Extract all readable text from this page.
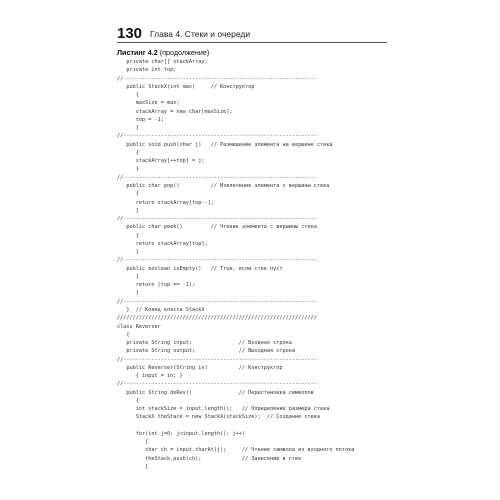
130 Глава 4. Стеки и очереди
Листинг 4.2 (продолжение)
private char[] stackArray;
private int top;
//--------------------------------------------------------------
public StackX(int max)     // Конструктор
{
maxSize = max;
stackArray = new char[maxSize];
top = -1;
}
//--------------------------------------------------------------
public void push(char j)   // Размещение элемента на вершине стека
{
stackArray[++top] = j;
}
//--------------------------------------------------------------
public char pop()          // Извлечение элемента с вершины стека
{
return stackArray[top--];
}
//--------------------------------------------------------------
public char peek()         // Чтение элемента с вершины стека
{
return stackArray[top];
}
//--------------------------------------------------------------
public boolean isEmpty()   // True, если стек пуст
{
return (top == -1);
}
//--------------------------------------------------------------
}  // Конец класса StackX
////////////////////////////////////////////////////////////////
class Reverser
{
private String input;               // Входная строка
private String output;              // Выходная строка
//--------------------------------------------------------------
public Reverser(String in)          // Конструктор
{ input = in; }
//--------------------------------------------------------------
public String doRev()               // Перестановка символов
{
int stackSize = input.length();   // Определение размера стека
StackX theStack = new StackX(stackSize);  // Создание стека
for(int j=0; j<input.length(); j++)
{
char ch = input.charAt(j);     // Чтение символа из входного потока
theStack.push(ch);             // Занесение в стек
}
